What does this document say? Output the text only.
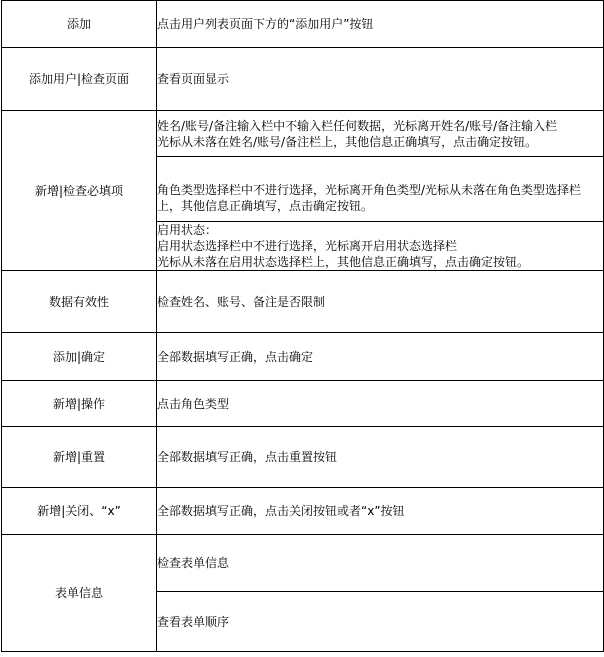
添加	点击用户列表页面下方的“添加用户”按钮
添加用户|检查页面	查看页面显示
新增|检查必填项	姓名/账号/备注输入栏中不输入栏任何数据，光标离开姓名/账号/备注输入栏
光标从未落在姓名/账号/备注栏上，其他信息正确填写，点击确定按钮。
	角色类型选择栏中不进行选择，光标离开角色类型/光标从未落在角色类型选择栏上，其他信息正确填写，点击确定按钮。
	启用状态：
启用状态选择栏中不进行选择，光标离开启用状态选择栏
光标从未落在启用状态选择栏上，其他信息正确填写，点击确定按钮。
数据有效性	检查姓名、账号、备注是否限制
添加|确定	全部数据填写正确，点击确定
新增|操作	点击角色类型
新增|重置	全部数据填写正确，点击重置按钮
新增|关闭、“x”	全部数据填写正确，点击关闭按钮或者“x”按钮
表单信息	检查表单信息
	查看表单顺序
